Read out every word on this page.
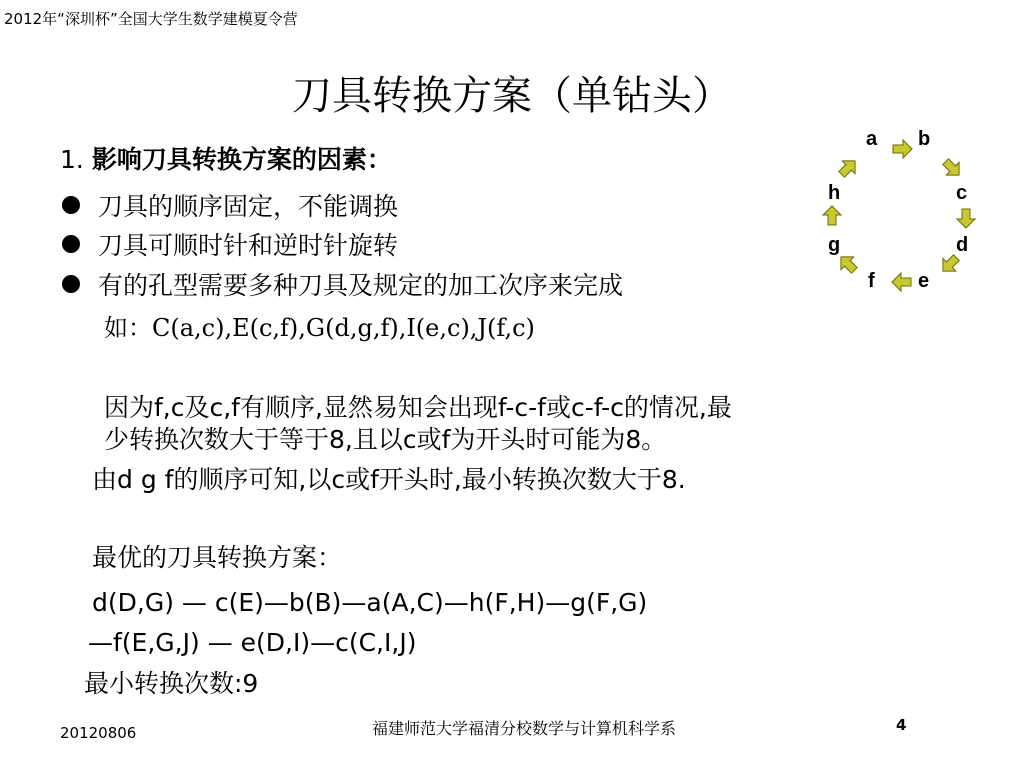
2012年“深圳杯”全国大学生数学建模夏令营
刀具转换方案（单钻头）
1. 影响刀具转换方案的因素：
刀具的顺序固定，不能调换
刀具可顺时针和逆时针旋转
有的孔型需要多种刀具及规定的加工次序来完成
如：C(a,c),E(c,f),G(d,g,f),I(e,c),J(f,c)
因为f,c及c,f有顺序,显然易知会出现f-c-f或c-f-c的情况,最
少转换次数大于等于8,且以c或f为开头时可能为8。
由d g f的顺序可知,以c或f开头时,最小转换次数大于8.
最优的刀具转换方案：
d(D,G) — c(E)—b(B)—a(A,C)—h(F,H)—g(F,G)
—f(E,G,J) — e(D,I)—c(C,I,J)
最小转换次数:9
a b
c
d
e
f
g
h
20120806	福建师范大学福清分校数学与计算机科学系	4
